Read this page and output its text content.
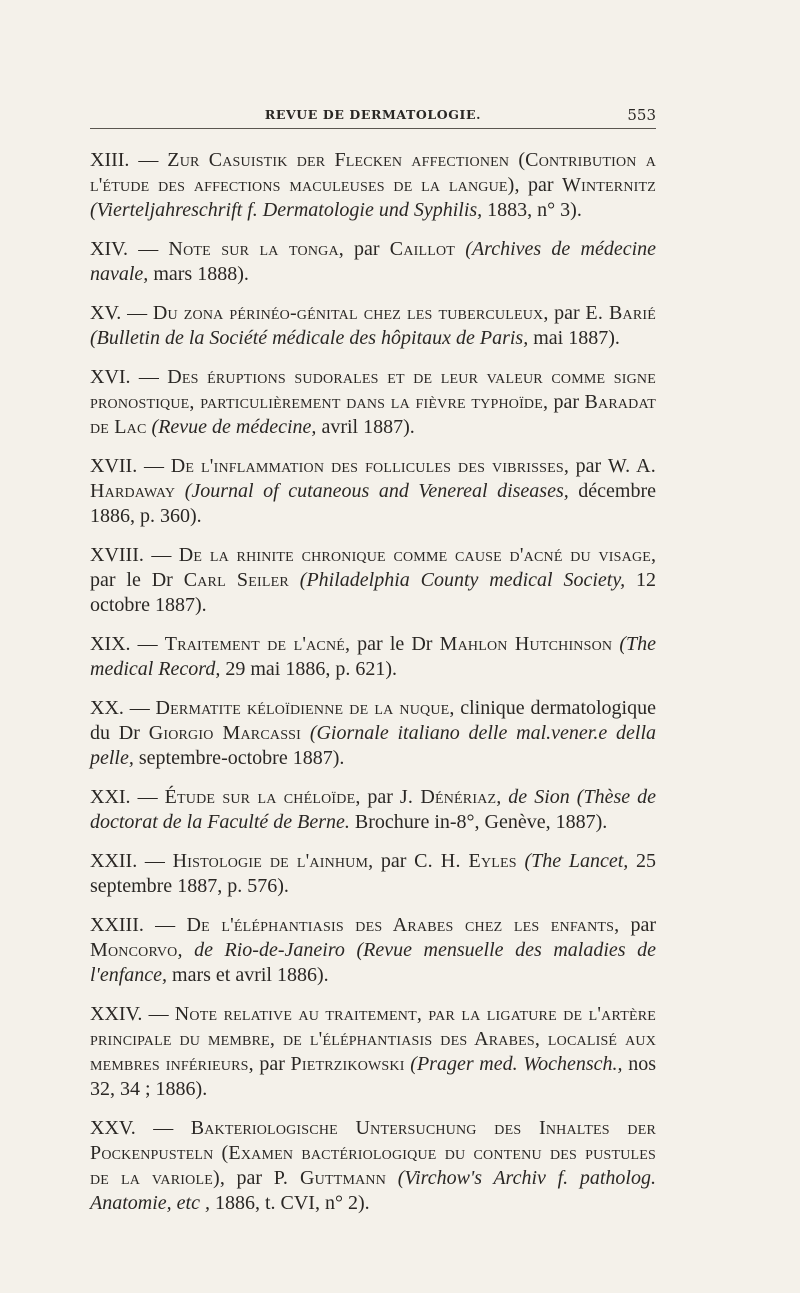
REVUE DE DERMATOLOGIE.	553
XIII. — Zur Casuistik der Flecken affectionen (Contribution a l'étude des affections maculeuses de la langue), par Winternitz (Vierteljahreschrift f. Dermatologie und Syphilis, 1883, n° 3).
XIV. — Note sur la tonga, par Caillot (Archives de médecine navale, mars 1888).
XV. — Du zona périnéo-génital chez les tuberculeux, par E. Barié (Bulletin de la Société médicale des hôpitaux de Paris, mai 1887).
XVI. — Des éruptions sudorales et de leur valeur comme signe pronostique, particulièrement dans la fièvre typhoïde, par Baradat de Lac (Revue de médecine, avril 1887).
XVII. — De l'inflammation des follicules des vibrisses, par W. A. Hardaway (Journal of cutaneous and Venereal diseases, décembre 1886, p. 360).
XVIII. — De la rhinite chronique comme cause d'acné du visage, par le Dr Carl Seiler (Philadelphia County medical Society, 12 octobre 1887).
XIX. — Traitement de l'acné, par le Dr Mahlon Hutchinson (The medical Record, 29 mai 1886, p. 621).
XX. — Dermatite kéloïdienne de la nuque, clinique dermatologique du Dr Giorgio Marcassi (Giornale italiano delle mal.vener.e della pelle, septembre-octobre 1887).
XXI. — Étude sur la chéloïde, par J. Dénériaz, de Sion (Thèse de doctorat de la Faculté de Berne. Brochure in-8°, Genève, 1887).
XXII. — Histologie de l'ainhum, par C. H. Eyles (The Lancet, 25 septembre 1887, p. 576).
XXIII. — De l'éléphantiasis des Arabes chez les enfants, par Moncorvo, de Rio-de-Janeiro (Revue mensuelle des maladies de l'enfance, mars et avril 1886).
XXIV. — Note relative au traitement, par la ligature de l'artère principale du membre, de l'éléphantiasis des Arabes, localisé aux membres inférieurs, par Pietrzikowski (Prager med. Wochensch., nos 32, 34 ; 1886).
XXV. — Bakteriologische Untersuchung des Inhaltes der Pockenpusteln (Examen bactériologique du contenu des pustules de la variole), par P. Guttmann (Virchow's Archiv f. patholog. Anatomie, etc , 1886, t. CVI, n° 2).
